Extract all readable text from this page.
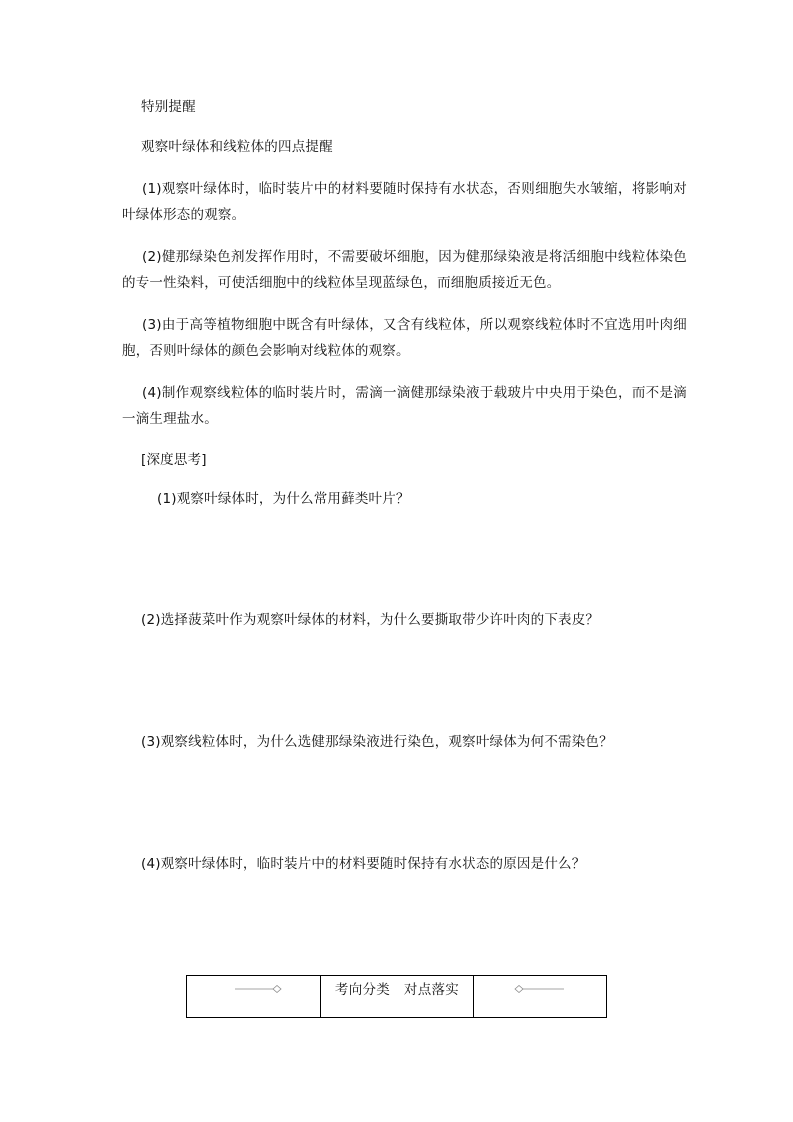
特别提醒
观察叶绿体和线粒体的四点提醒
(1)观察叶绿体时，临时装片中的材料要随时保持有水状态，否则细胞失水皱缩，将影响对叶绿体形态的观察。
(2)健那绿染色剂发挥作用时，不需要破坏细胞，因为健那绿染液是将活细胞中线粒体染色的专一性染料，可使活细胞中的线粒体呈现蓝绿色，而细胞质接近无色。
(3)由于高等植物细胞中既含有叶绿体，又含有线粒体，所以观察线粒体时不宜选用叶肉细胞，否则叶绿体的颜色会影响对线粒体的观察。
(4)制作观察线粒体的临时装片时，需滴一滴健那绿染液于载玻片中央用于染色，而不是滴一滴生理盐水。
[深度思考]
(1)观察叶绿体时，为什么常用藓类叶片？
(2)选择菠菜叶作为观察叶绿体的材料，为什么要撕取带少许叶肉的下表皮？
(3)观察线粒体时，为什么选健那绿染液进行染色，观察叶绿体为何不需染色？
(4)观察叶绿体时，临时装片中的材料要随时保持有水状态的原因是什么？
	考向分类　对点落实	
